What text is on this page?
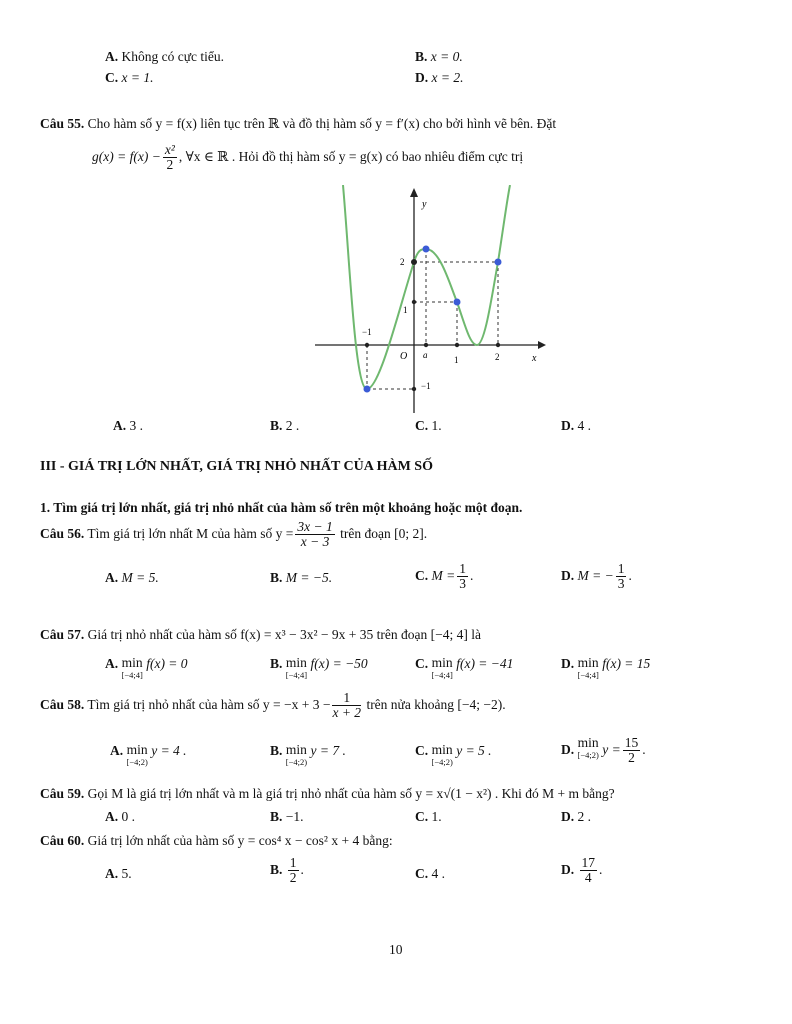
A. Không có cực tiểu.	B. x = 0.
C. x = 1.	D. x = 2.
Câu 55. Cho hàm số y = f(x) liên tục trên ℝ và đồ thị hàm số y = f′(x) cho bởi hình vẽ bên. Đặt
$g(x) = f(x) - \frac{\text{x²}}{2}$ , ∀x ∈ ℝ . Hỏi đồ thị hàm số y = g(x) có bao nhiêu điểm cực trị
y
x
O a	1	2
2
1
−1
−1
A. 3 .	B. 2 .	C. 1.	D. 4 .
III - GIÁ TRỊ LỚN NHẤT, GIÁ TRỊ NHỎ NHẤT CỦA HÀM SỐ
1. Tìm giá trị lớn nhất, giá trị nhỏ nhất của hàm số trên một khoảng hoặc một đoạn.
Câu 56. Tìm giá trị lớn nhất M của hàm số $y = \frac{3x - 1}{x - 3}$ trên đoạn [0; 2].
A. M = 5.	B. M = −5.	C. $M = \frac{1}{3}$ .	D. M = − $\frac{1}{3}$ .
Câu 57. Giá trị nhỏ nhất của hàm số f(x) = x³ − 3x² − 9x + 35 trên đoạn [−4; 4] là
A. min
[−4;4]
f(x) = 0	B. min
[−4;4]
f(x) = −50	C. min
[−4;4]
f(x) = −41	D. min
[−4;4]
f(x) = 15
Câu 58. Tìm giá trị nhỏ nhất của hàm số $y = -x + 3 - \frac{1}{x + 2}$ trên nửa khoảng [−4; −2).
A. min
[−4;2)
y = 4 .	B. min
[−4;2)
y = 7 .	C. min
[−4;2)
y = 5 .	D. min
[−4;2) $y = \frac{15}{2}$ .
Câu 59. Gọi M là giá trị lớn nhất và m là giá trị nhỏ nhất của hàm số y = x√(1 − x²) . Khi đó M + m bằng?
A. 0 .	B. −1.	C. 1.	D. 2 .
Câu 60. Giá trị lớn nhất của hàm số y = cos⁴ x − cos² x + 4 bằng:
A. 5.	B. $\frac{1}{2}$ .	C. 4 .	D. $\frac{17}{4}$ .
10
